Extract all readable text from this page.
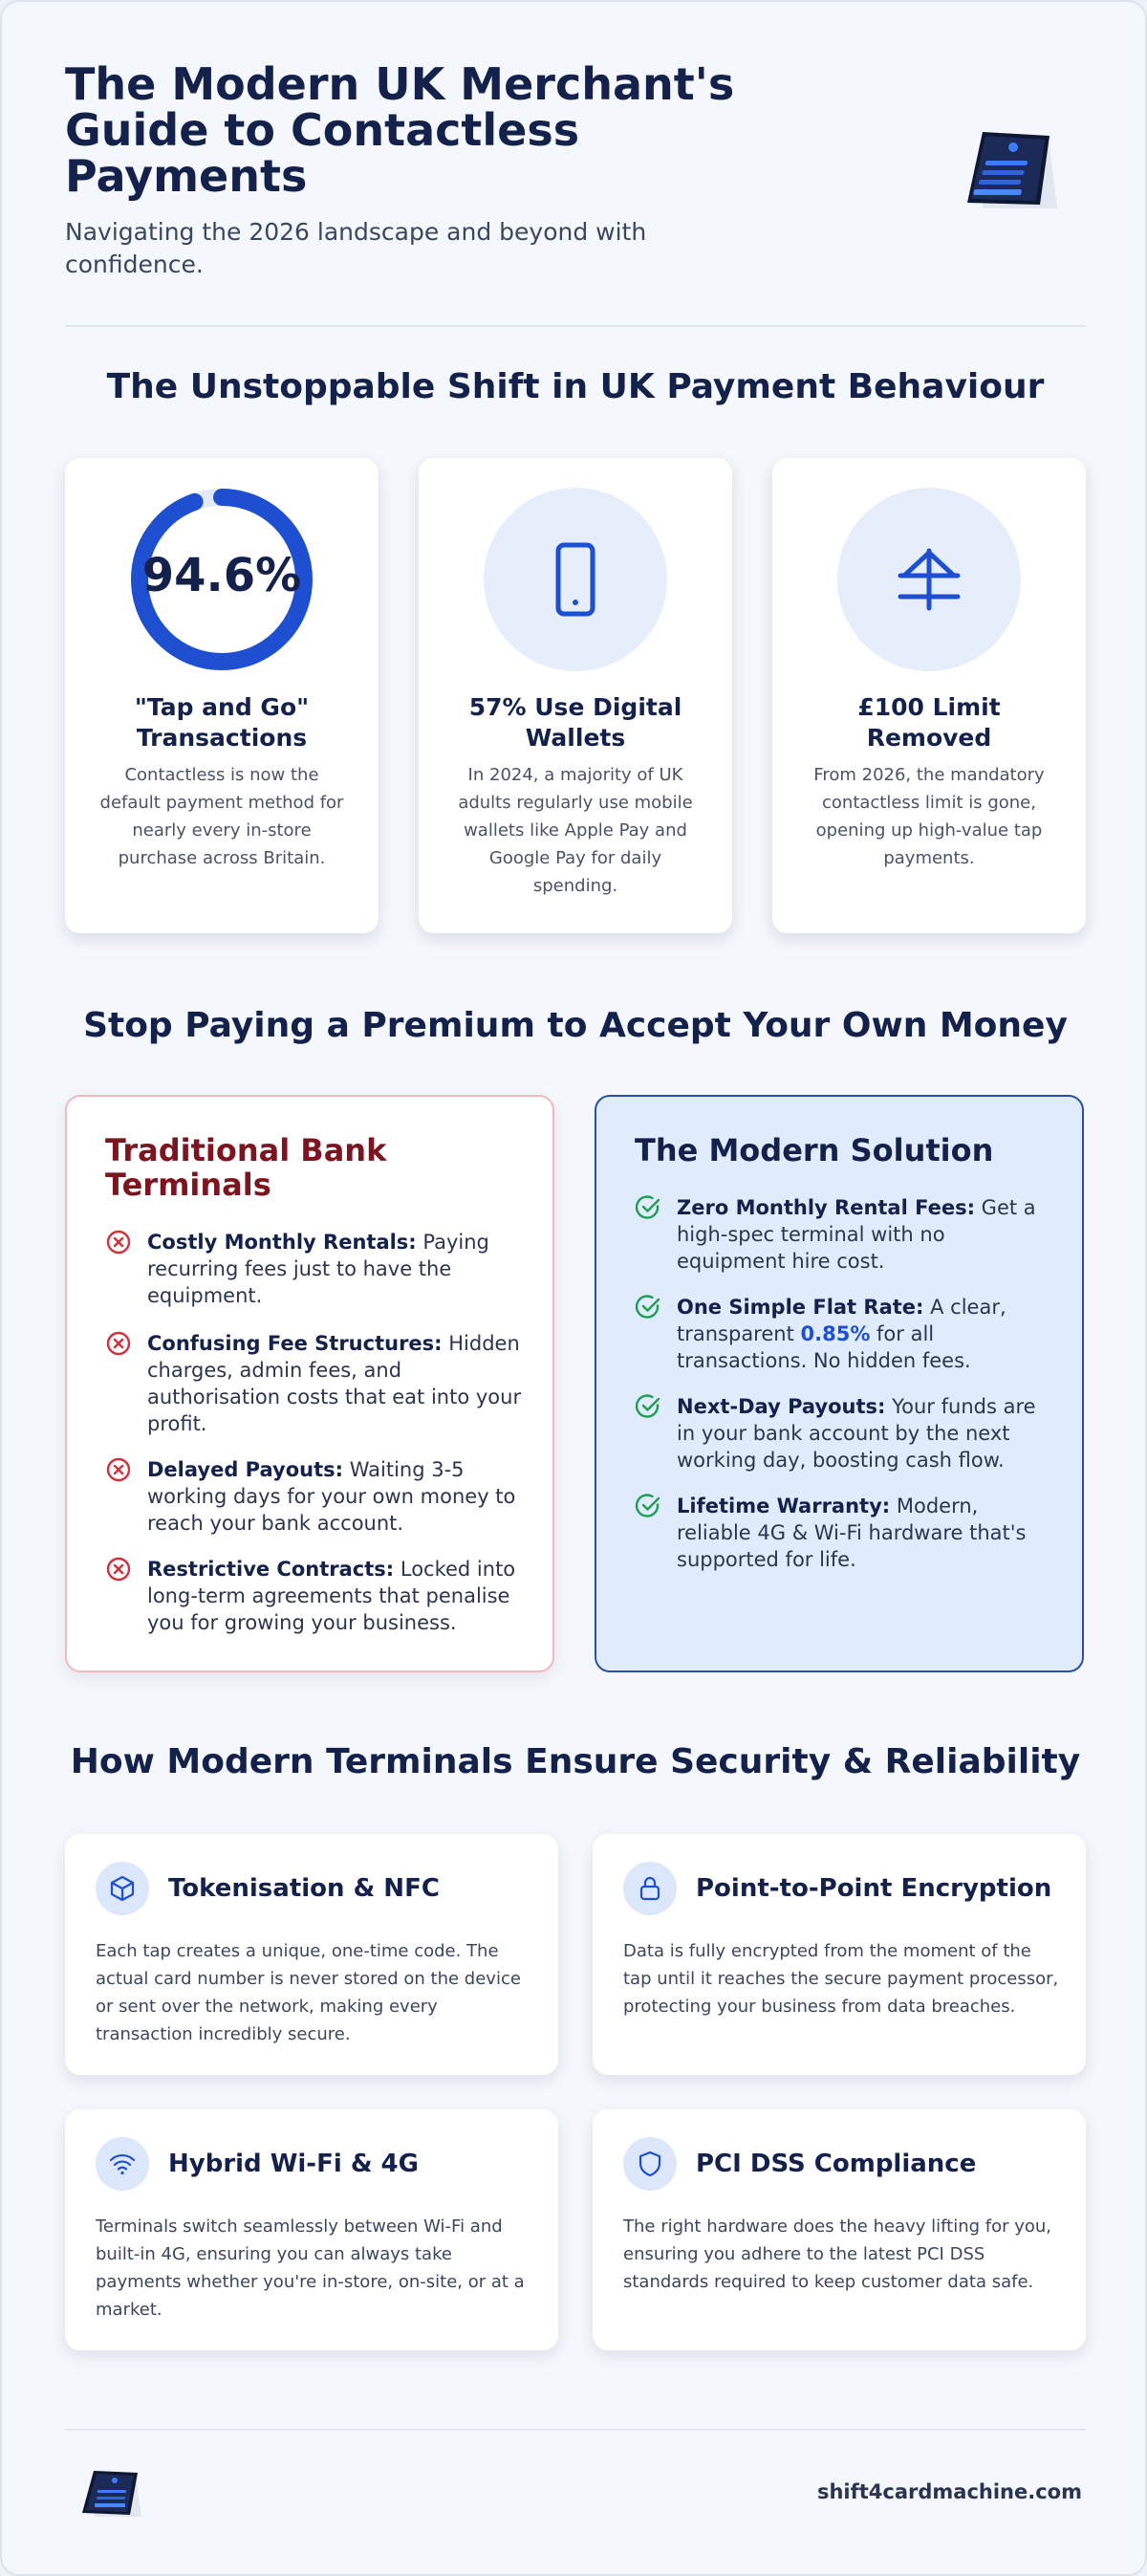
The Modern UK Merchant's Guide to Contactless Payments

Navigating the 2026 landscape and beyond with confidence.

The Unstoppable Shift in UK Payment Behaviour
94.6%
"Tap and Go" Transactions
Contactless is now the default payment method for nearly every in-store purchase across Britain.
57% Use Digital Wallets
In 2024, a majority of UK adults regularly use mobile wallets like Apple Pay and Google Pay for daily spending.
£100 Limit Removed
From 2026, the mandatory contactless limit is gone, opening up high-value tap payments.
Stop Paying a Premium to Accept Your Own Money
Traditional Bank Terminals
Costly Monthly Rentals: Paying recurring fees just to have the equipment.
Confusing Fee Structures: Hidden charges, admin fees, and authorisation costs that eat into your profit.
Delayed Payouts: Waiting 3-5 working days for your own money to reach your bank account.
Restrictive Contracts: Locked into long-term agreements that penalise you for growing your business.
The Modern Solution
Zero Monthly Rental Fees: Get a high-spec terminal with no equipment hire cost.
One Simple Flat Rate: A clear, transparent 0.85% for all transactions. No hidden fees.
Next-Day Payouts: Your funds are in your bank account by the next working day, boosting cash flow.
Lifetime Warranty: Modern, reliable 4G & Wi-Fi hardware that's supported for life.
How Modern Terminals Ensure Security & Reliability
Tokenisation & NFC
Each tap creates a unique, one-time code. The actual card number is never stored on the device or sent over the network, making every transaction incredibly secure.
Point-to-Point Encryption
Data is fully encrypted from the moment of the tap until it reaches the secure payment processor, protecting your business from data breaches.
Hybrid Wi-Fi & 4G
Terminals switch seamlessly between Wi-Fi and built-in 4G, ensuring you can always take payments whether you're in-store, on-site, or at a market.
PCI DSS Compliance
The right hardware does the heavy lifting for you, ensuring you adhere to the latest PCI DSS standards required to keep customer data safe.
shift4cardmachine.com
